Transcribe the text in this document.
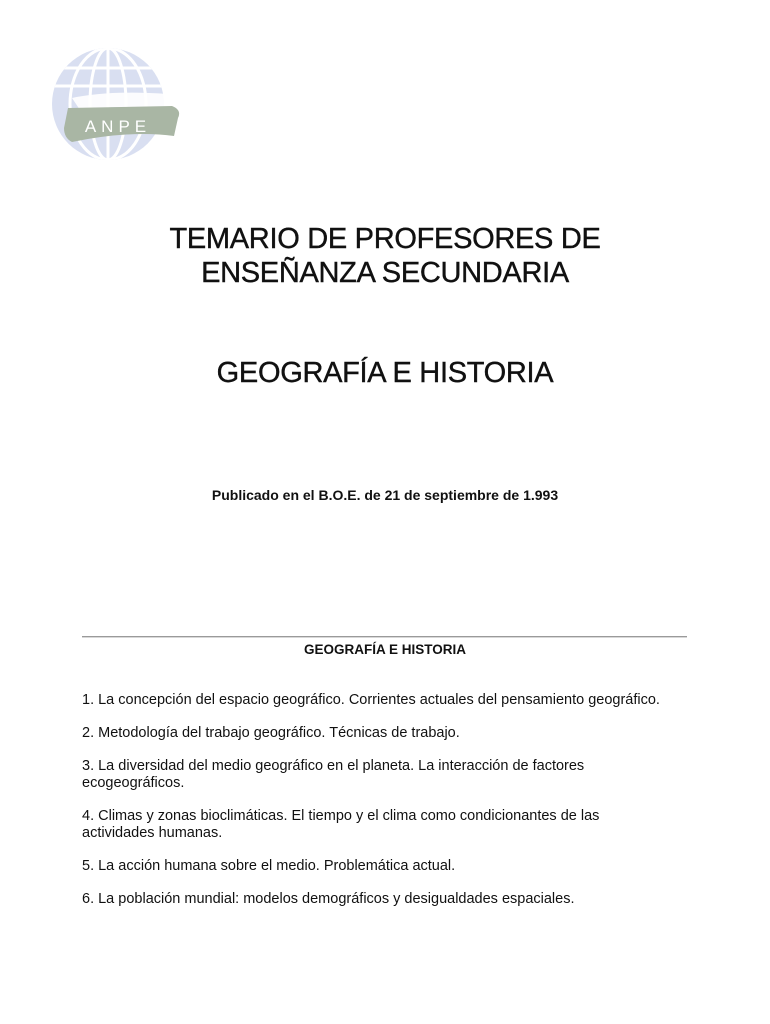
ANPE
TEMARIO DE PROFESORES DE
ENSEÑANZA SECUNDARIA
GEOGRAFÍA E HISTORIA
Publicado en el B.O.E. de 21 de septiembre de 1.993
GEOGRAFÍA E HISTORIA
1. La concepción del espacio geográfico. Corrientes actuales del pensamiento geográfico.
2. Metodología del trabajo geográfico. Técnicas de trabajo.
3. La diversidad del medio geográfico en el planeta. La interacción de factores ecogeográficos.
4. Climas y zonas bioclimáticas. El tiempo y el clima como condicionantes de las actividades humanas.
5. La acción humana sobre el medio. Problemática actual.
6. La población mundial: modelos demográficos y desigualdades espaciales.
